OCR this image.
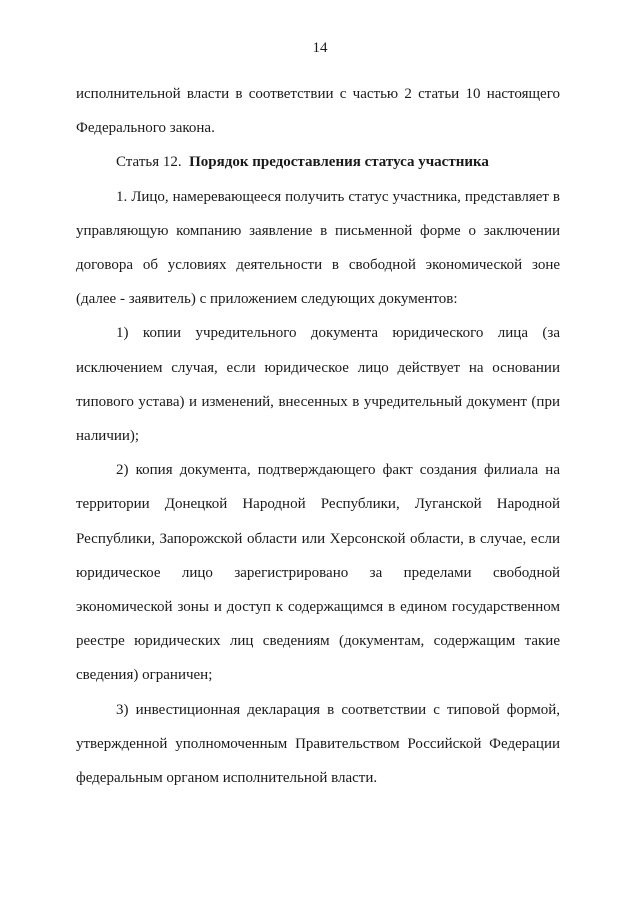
14

исполнительной власти в соответствии с частью 2 статьи 10 настоящего Федерального закона.

Статья 12. Порядок предоставления статуса участника

1. Лицо, намеревающееся получить статус участника, представляет в управляющую компанию заявление в письменной форме о заключении договора об условиях деятельности в свободной экономической зоне (далее - заявитель) с приложением следующих документов:

1) копии учредительного документа юридического лица (за исключением случая, если юридическое лицо действует на основании типового устава) и изменений, внесенных в учредительный документ (при наличии);

2) копия документа, подтверждающего факт создания филиала на территории Донецкой Народной Республики, Луганской Народной Республики, Запорожской области или Херсонской области, в случае, если юридическое лицо зарегистрировано за пределами свободной экономической зоны и доступ к содержащимся в едином государственном реестре юридических лиц сведениям (документам, содержащим такие сведения) ограничен;

3) инвестиционная декларация в соответствии с типовой формой, утвержденной уполномоченным Правительством Российской Федерации федеральным органом исполнительной власти.
